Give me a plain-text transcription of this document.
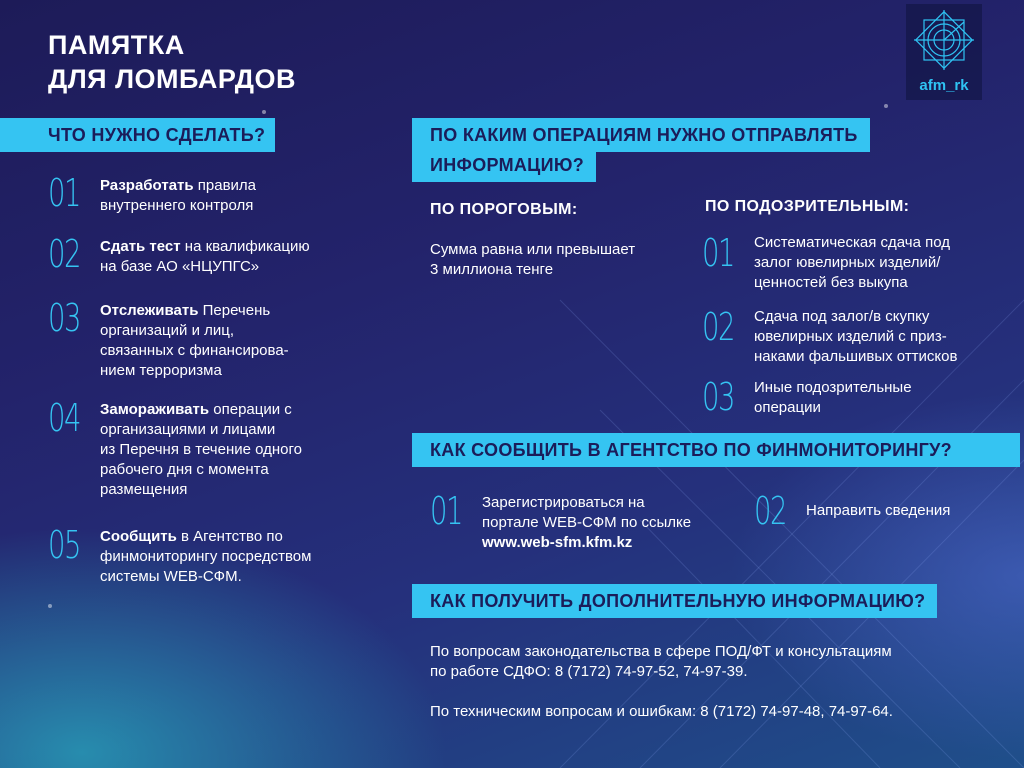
ПАМЯТКА
ДЛЯ ЛОМБАРДОВ	afm_rk
ЧТО НУЖНО СДЕЛАТЬ?
01 Разработать правила
внутреннего контроля
02 Сдать тест на квалификацию
на базе АО «НЦУПГС»
03 Отслеживать Перечень
организаций и лиц,
связанных с финансирова-
нием терроризма
04 Замораживать операции с
организациями и лицами
из Перечня в течение одного
рабочего дня с момента
размещения
05 Сообщить в Агентство по
финмониторингу посредством
системы WEB-СФМ.
ПО КАКИМ ОПЕРАЦИЯМ НУЖНО ОТПРАВЛЯТЬ
ИНФОРМАЦИЮ?
ПО ПОРОГОВЫМ:
Сумма равна или превышает
3 миллиона тенге
ПО ПОДОЗРИТЕЛЬНЫМ:
01 Систематическая сдача под
залог ювелирных изделий/
ценностей без выкупа
02 Сдача под залог/в скупку
ювелирных изделий с приз-
наками фальшивых оттисков
03 Иные подозрительные
операции
КАК СООБЩИТЬ В АГЕНТСТВО ПО ФИНМОНИТОРИНГУ?
01 Зарегистрироваться на
портале WEB-СФМ по ссылке
www.web-sfm.kfm.kz
02 Направить сведения
КАК ПОЛУЧИТЬ ДОПОЛНИТЕЛЬНУЮ ИНФОРМАЦИЮ?
По вопросам законодательства в сфере ПОД/ФТ и консультациям
по работе СДФО: 8 (7172) 74-97-52, 74-97-39.
По техническим вопросам и ошибкам: 8 (7172) 74-97-48, 74-97-64.
